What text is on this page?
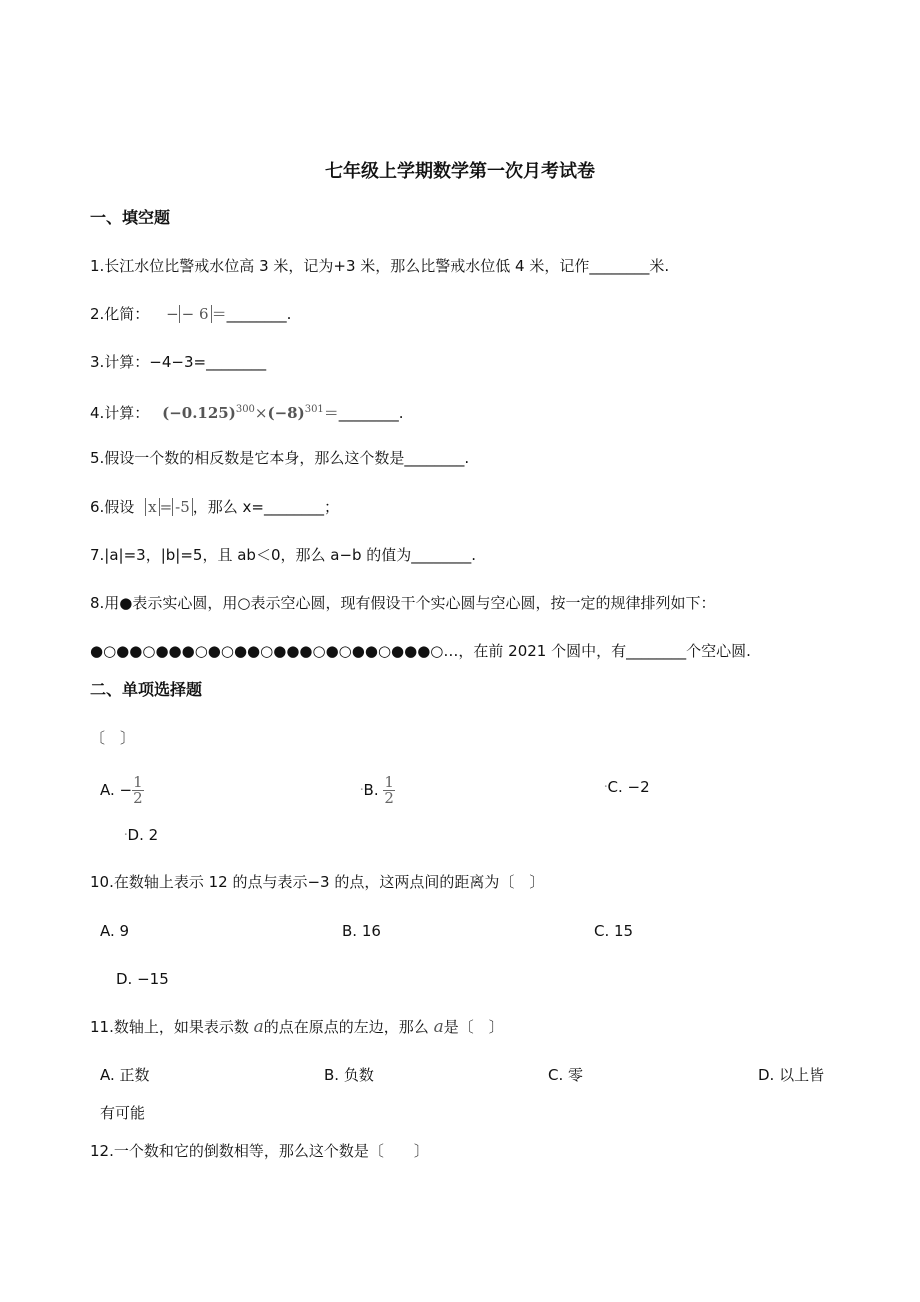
七年级上学期数学第一次月考试卷
一、填空题
1.长江水位比警戒水位高 3 米，记为+3 米，那么比警戒水位低 4 米，记作________米.
2.化简： − − 6 ＝________.
3.计算：−4−3=________
4.计算： $(-0.125)^{300}\times(-8)^{301}=\_\_\_\_\_\_\_\_$.
5.假设一个数的相反数是它本身，那么这个数是________.
6.假设 x = -5 ，那么 x=________；
7.|a|=3，|b|=5，且 ab＜0，那么 a−b 的值为________.
8.用●表示实心圆，用○表示空心圆，现有假设干个实心圆与空心圆，按一定的规律排列如下：
●○●●○●●●○●○●●○●●●○●○●●○●●●○…，在前 2021 个圆中，有________个空心圆.
二、单项选择题
〔　〕
A. − $\frac{1}{2}$	•B. $\frac{1}{2}$	•C. −2
•D. 2
10.在数轴上表示 12 的点与表示−3 的点，这两点间的距离为〔　〕
A. 9	B. 16	C. 15
D. −15
11.数轴上，如果表示数 a的点在原点的左边，那么 a是〔　〕
A. 正数	B. 负数	C. 零	D. 以上皆
有可能
12.一个数和它的倒数相等，那么这个数是〔　　〕
